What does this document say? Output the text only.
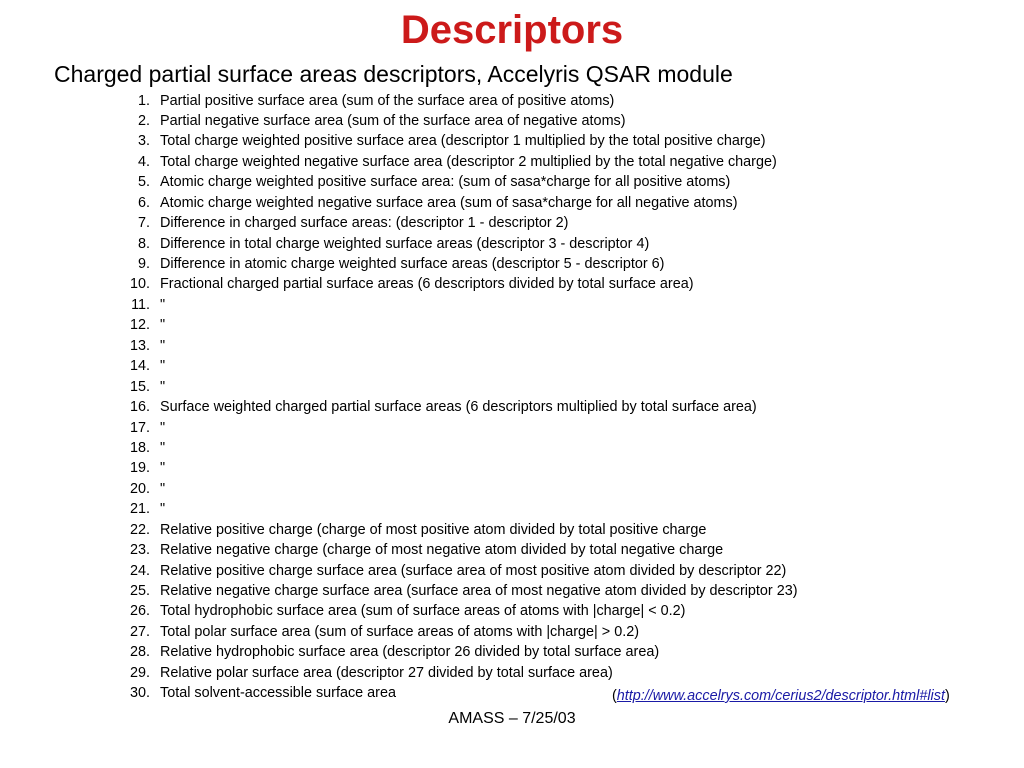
Descriptors
Charged partial surface areas descriptors, Accelyris QSAR module
1. Partial positive surface area (sum of the surface area of positive atoms)
2. Partial negative surface area (sum of the surface area of negative atoms)
3. Total charge weighted positive surface area (descriptor 1 multiplied by the total positive charge)
4. Total charge weighted negative surface area (descriptor 2 multiplied by the total negative charge)
5. Atomic charge weighted positive surface area: (sum of sasa*charge for all positive atoms)
6. Atomic charge weighted negative surface area (sum of sasa*charge for all negative atoms)
7. Difference in charged surface areas: (descriptor 1 - descriptor 2)
8. Difference in total charge weighted surface areas (descriptor 3 - descriptor 4)
9. Difference in atomic charge weighted surface areas (descriptor 5 - descriptor 6)
10. Fractional charged partial surface areas (6 descriptors divided by total surface area)
11. "
12. "
13. "
14. "
15. "
16. Surface weighted charged partial surface areas (6 descriptors multiplied by total surface area)
17. "
18. "
19. "
20. "
21. "
22. Relative positive charge (charge of most positive atom divided by total positive charge
23. Relative negative charge (charge of most negative atom divided by total negative charge
24. Relative positive charge surface area (surface area of most positive atom divided by descriptor 22)
25. Relative negative charge surface area (surface area of most negative atom divided by descriptor 23)
26. Total hydrophobic surface area (sum of surface areas of atoms with |charge| < 0.2)
27. Total polar surface area (sum of surface areas of atoms with |charge| > 0.2)
28. Relative hydrophobic surface area (descriptor 26 divided by total surface area)
29. Relative polar surface area (descriptor 27 divided by total surface area)
30. Total solvent-accessible surface area	(http://www.accelrys.com/cerius2/descriptor.html#list)
AMASS – 7/25/03
